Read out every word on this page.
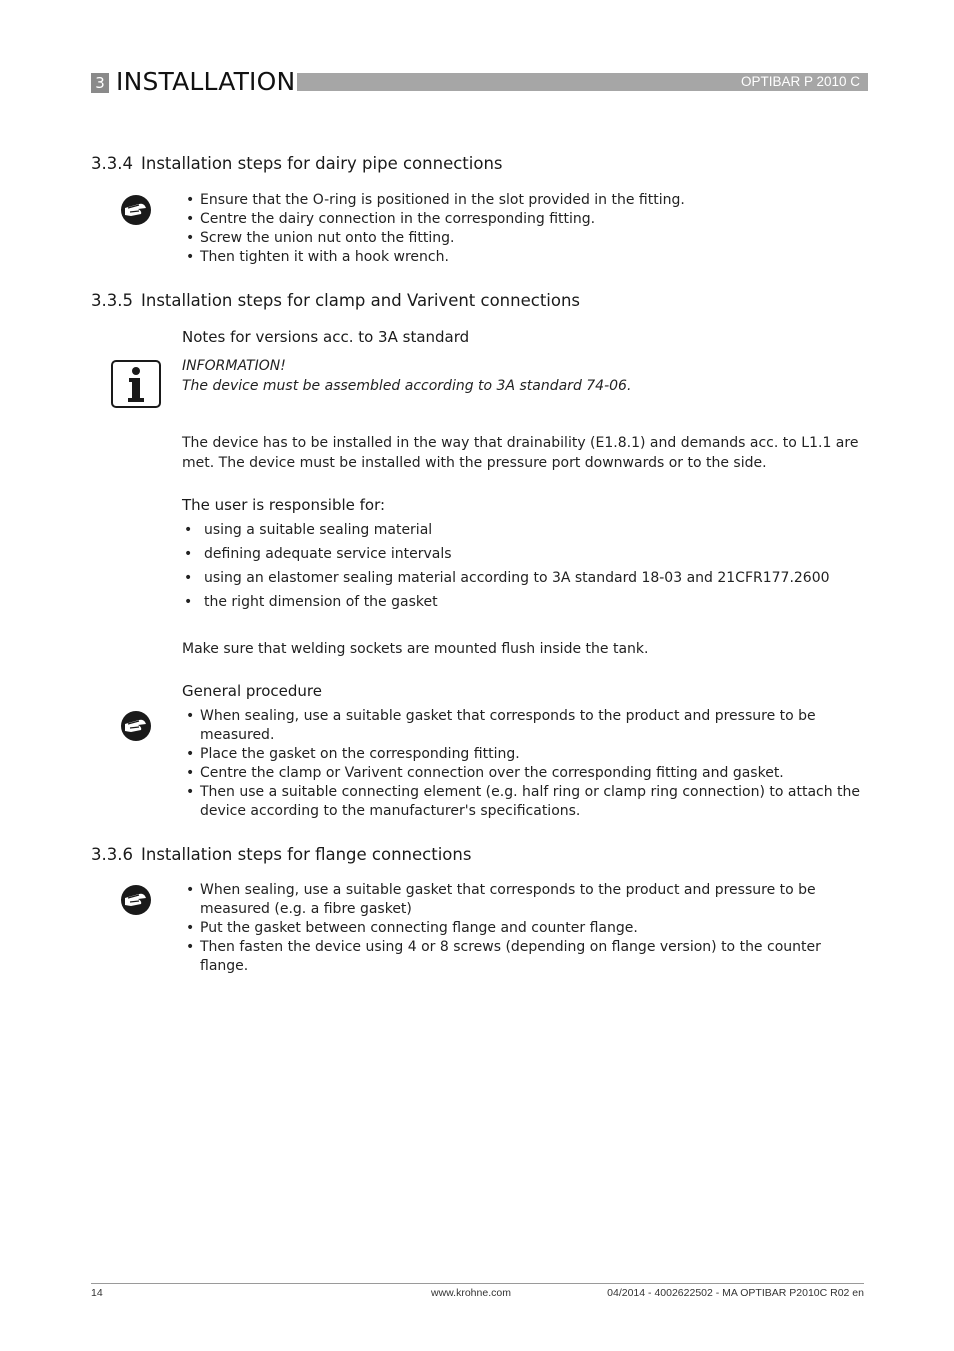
3 INSTALLATION	OPTIBAR P 2010 C
3.3.4 Installation steps for dairy pipe connections
• Ensure that the O-ring is positioned in the slot provided in the fitting.
• Centre the dairy connection in the corresponding fitting.
• Screw the union nut onto the fitting.
• Then tighten it with a hook wrench.
3.3.5 Installation steps for clamp and Varivent connections
Notes for versions acc. to 3A standard
INFORMATION!
The device must be assembled according to 3A standard 74-06.
The device has to be installed in the way that drainability (E1.8.1) and demands acc. to L1.1 are met. The device must be installed with the pressure port downwards or to the side.
The user is responsible for:
• using a suitable sealing material
• defining adequate service intervals
• using an elastomer sealing material according to 3A standard 18-03 and 21CFR177.2600
• the right dimension of the gasket
Make sure that welding sockets are mounted flush inside the tank.
General procedure
• When sealing, use a suitable gasket that corresponds to the product and pressure to be measured.
• Place the gasket on the corresponding fitting.
• Centre the clamp or Varivent connection over the corresponding fitting and gasket.
• Then use a suitable connecting element (e.g. half ring or clamp ring connection) to attach the device according to the manufacturer's specifications.
3.3.6 Installation steps for flange connections
• When sealing, use a suitable gasket that corresponds to the product and pressure to be measured (e.g. a fibre gasket)
• Put the gasket between connecting flange and counter flange.
• Then fasten the device using 4 or 8 screws (depending on flange version) to the counter flange.
14	www.krohne.com	04/2014 - 4002622502 - MA OPTIBAR P2010C R02 en
